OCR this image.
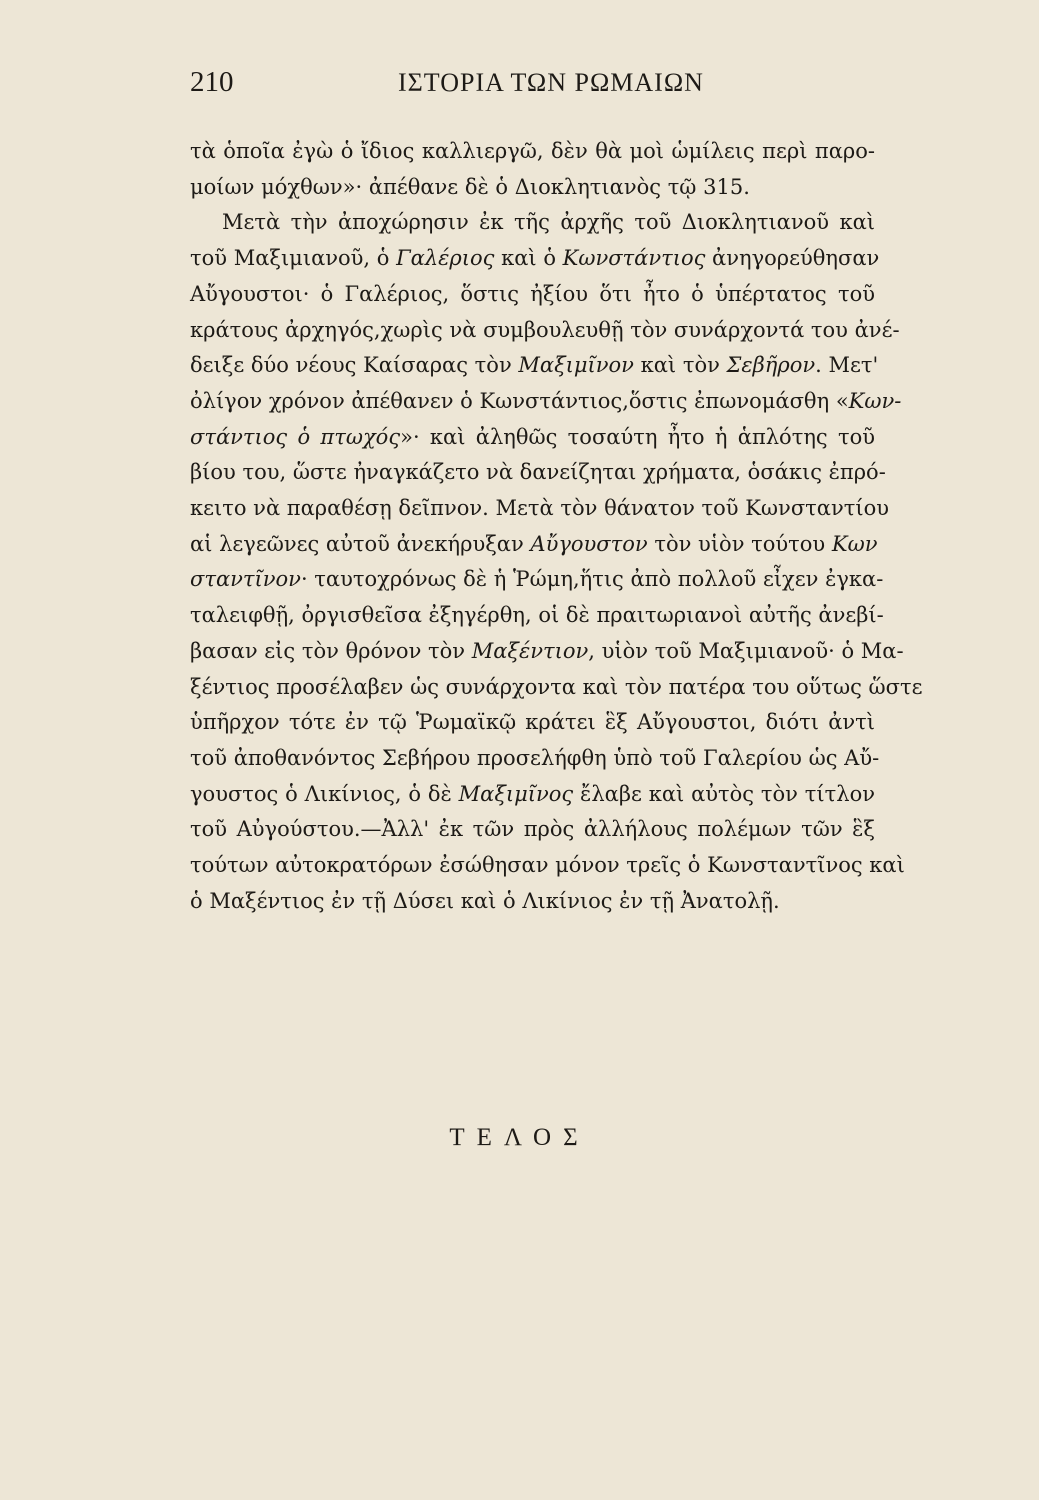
210	ΙΣΤΟΡΙΑ ΤΩΝ ΡΩΜΑΙΩΝ
τὰ ὁποῖα ἐγὼ ὁ ἴδιος καλλιεργῶ, δὲν θὰ μοὶ ὡμίλεις περὶ παρο-
μοίων μόχθων»· ἀπέθανε δὲ ὁ Διοκλητιανὸς τῷ 315.
Μετὰ τὴν ἀποχώρησιν ἐκ τῆς ἀρχῆς τοῦ Διοκλητιανοῦ καὶ
τοῦ Μαξιμιανοῦ, ὁ Γαλέριος καὶ ὁ Κωνστάντιος ἀνηγορεύθησαν
Αὔγουστοι· ὁ Γαλέριος, ὅστις ἠξίου ὅτι ἦτο ὁ ὑπέρτατος τοῦ
κράτους ἀρχηγός,χωρὶς νὰ συμβουλευθῇ τὸν συνάρχοντά του ἀνέ-
δειξε δύο νέους Καίσαρας τὸν Μαξιμῖνον καὶ τὸν Σεβῆρον. Μετ'
ὀλίγον χρόνον ἀπέθανεν ὁ Κωνστάντιος,ὅστις ἐπωνομάσθη «Κων-
στάντιος ὁ πτωχός»· καὶ ἀληθῶς τοσαύτη ἦτο ἡ ἁπλότης τοῦ
βίου του, ὥστε ἠναγκάζετο νὰ δανείζηται χρήματα, ὁσάκις ἐπρό-
κειτο νὰ παραθέσῃ δεῖπνον. Μετὰ τὸν θάνατον τοῦ Κωνσταντίου
αἱ λεγεῶνες αὐτοῦ ἀνεκήρυξαν Αὔγουστον τὸν υἱὸν τούτου Κων
σταντῖνον· ταυτοχρόνως δὲ ἡ Ῥώμη,ἥτις ἀπὸ πολλοῦ εἶχεν ἐγκα-
ταλειφθῇ, ὀργισθεῖσα ἐξηγέρθη, οἱ δὲ πραιτωριανοὶ αὐτῆς ἀνεβί-
βασαν εἰς τὸν θρόνον τὸν Μαξέντιον, υἱὸν τοῦ Μαξιμιανοῦ· ὁ Μα-
ξέντιος προσέλαβεν ὡς συνάρχοντα καὶ τὸν πατέρα του οὕτως ὥστε
ὑπῆρχον τότε ἐν τῷ Ῥωμαϊκῷ κράτει ἓξ Αὔγουστοι, διότι ἀντὶ
τοῦ ἀποθανόντος Σεβήρου προσελήφθη ὑπὸ τοῦ Γαλερίου ὡς Αὔ-
γουστος ὁ Λικίνιος, ὁ δὲ Μαξιμῖνος ἔλαβε καὶ αὐτὸς τὸν τίτλον
τοῦ Αὐγούστου.—Ἀλλ' ἐκ τῶν πρὸς ἀλλήλους πολέμων τῶν ἓξ
τούτων αὐτοκρατόρων ἐσώθησαν μόνον τρεῖς ὁ Κωνσταντῖνος καὶ
ὁ Μαξέντιος ἐν τῇ Δύσει καὶ ὁ Λικίνιος ἐν τῇ Ἀνατολῇ.
ΤΕΛΟΣ
